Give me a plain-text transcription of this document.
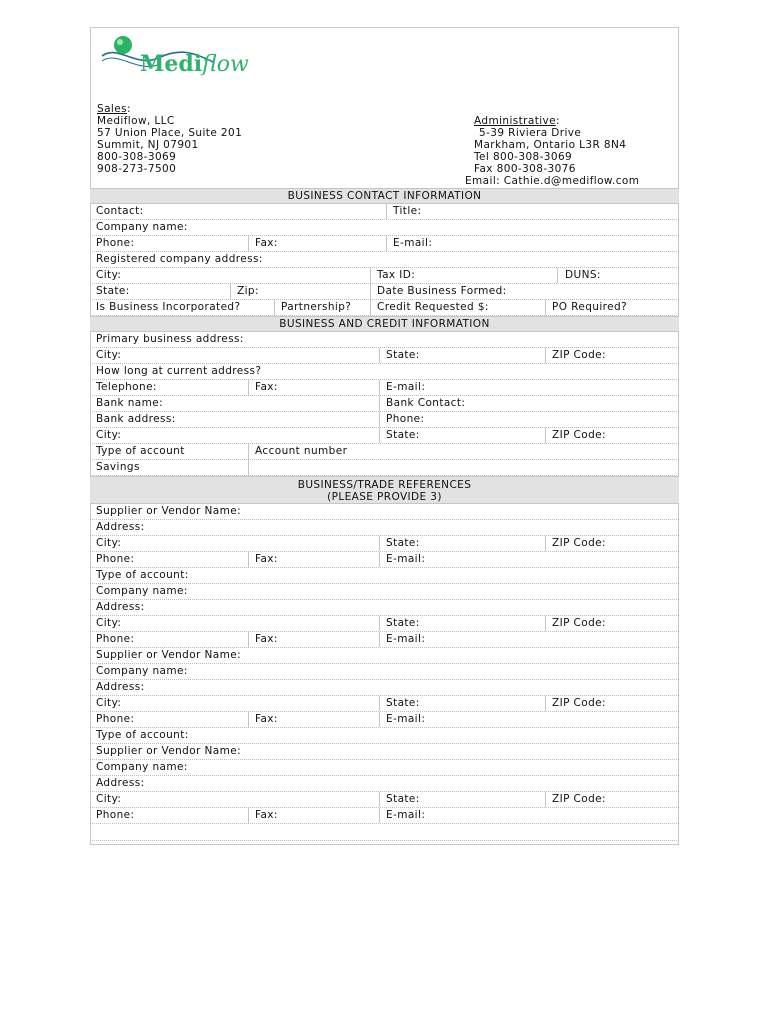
Mediflow
Sales:
Mediflow, LLC
57 Union Place, Suite 201
Summit, NJ 07901
800-308-3069
908-273-7500
Administrative:
5-39 Riviera Drive
Markham, Ontario L3R 8N4
Tel 800-308-3069
Fax 800-308-3076
Email: Cathie.d@mediflow.com
BUSINESS CONTACT INFORMATION
Contact:	Title:
Company name:
Phone:	Fax:	E-mail:
Registered company address:
City:	Tax ID:	DUNS:
State:	Zip:	Date Business Formed:
Is Business Incorporated?	Partnership?	Credit Requested $:	PO Required?
BUSINESS AND CREDIT INFORMATION
Primary business address:
City:	State:	ZIP Code:
How long at current address?
Telephone:	Fax:	E-mail:
Bank name:	Bank Contact:
Bank address:	Phone:
City:	State:	ZIP Code:
Type of account	Account number
Savings
BUSINESS/TRADE REFERENCES
(PLEASE PROVIDE 3)
Supplier or Vendor Name:
Address:
City:	State:	ZIP Code:
Phone:	Fax:	E-mail:
Type of account:
Company name:
Address:
City:	State:	ZIP Code:
Phone:	Fax:	E-mail:
Supplier or Vendor Name:
Company name:
Address:
City:	State:	ZIP Code:
Phone:	Fax:	E-mail:
Type of account:
Supplier or Vendor Name:
Company name:
Address:
City:	State:	ZIP Code:
Phone:	Fax:	E-mail:
